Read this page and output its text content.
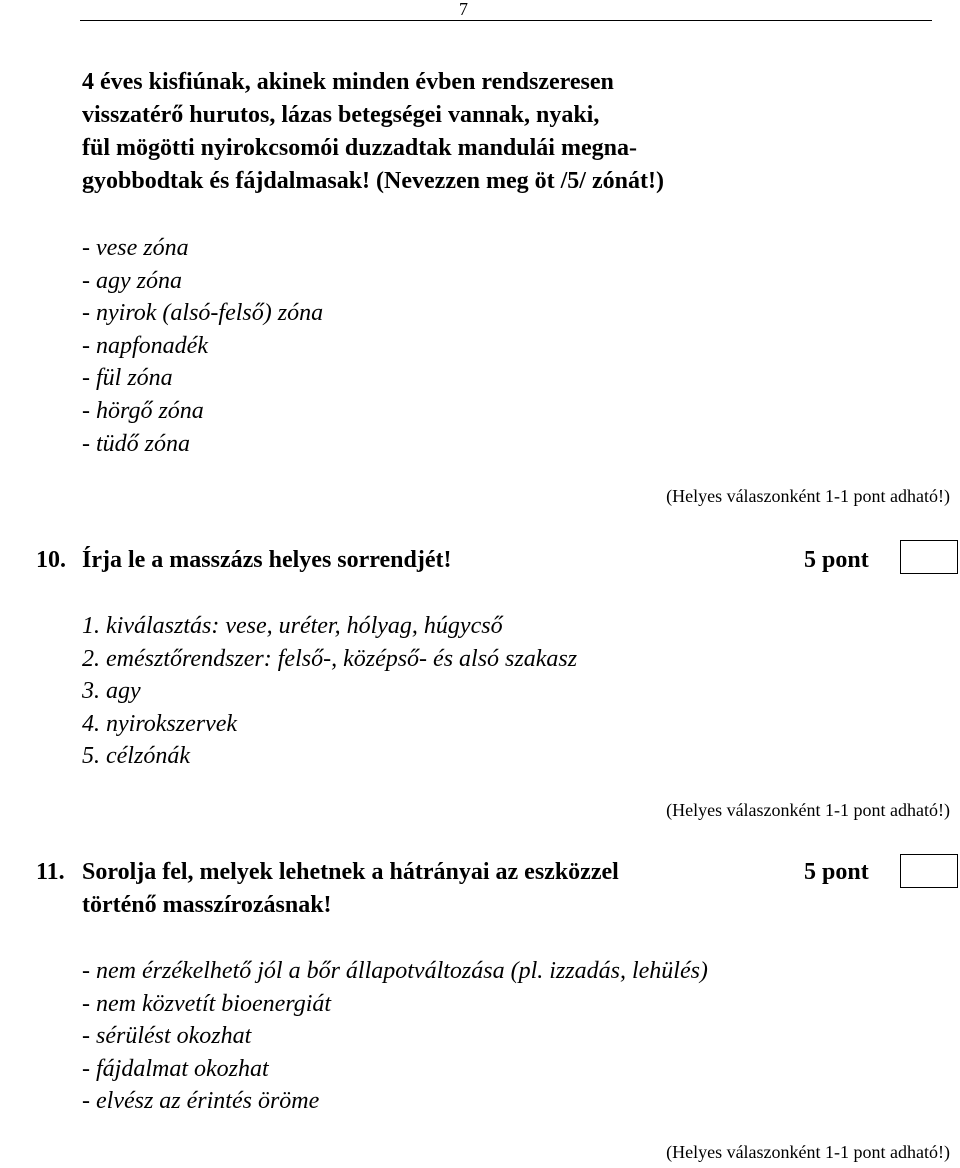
7
4 éves kisfiúnak, akinek minden évben rendszeresen
visszatérő hurutos, lázas betegségei vannak, nyaki,
fül mögötti nyirokcsomói duzzadtak mandulái megna-
gyobbodtak és fájdalmasak! (Nevezzen meg öt /5/ zónát!)
- vese zóna
- agy zóna
- nyirok (alsó-felső) zóna
- napfonadék
- fül zóna
- hörgő zóna
- tüdő zóna
(Helyes válaszonként 1-1 pont adható!)
10. Írja le a masszázs helyes sorrendjét!	5 pont
1. kiválasztás: vese, uréter, hólyag, húgycső
2. emésztőrendszer: felső-, középső- és alsó szakasz
3. agy
4. nyirokszervek
5. célzónák
(Helyes válaszonként 1-1 pont adható!)
11. Sorolja fel, melyek lehetnek a hátrányai az eszközzel
történő masszírozásnak!
5 pont
- nem érzékelhető jól a bőr állapotváltozása (pl. izzadás, lehülés)
- nem közvetít bioenergiát
- sérülést okozhat
- fájdalmat okozhat
- elvész az érintés öröme
(Helyes válaszonként 1-1 pont adható!)
